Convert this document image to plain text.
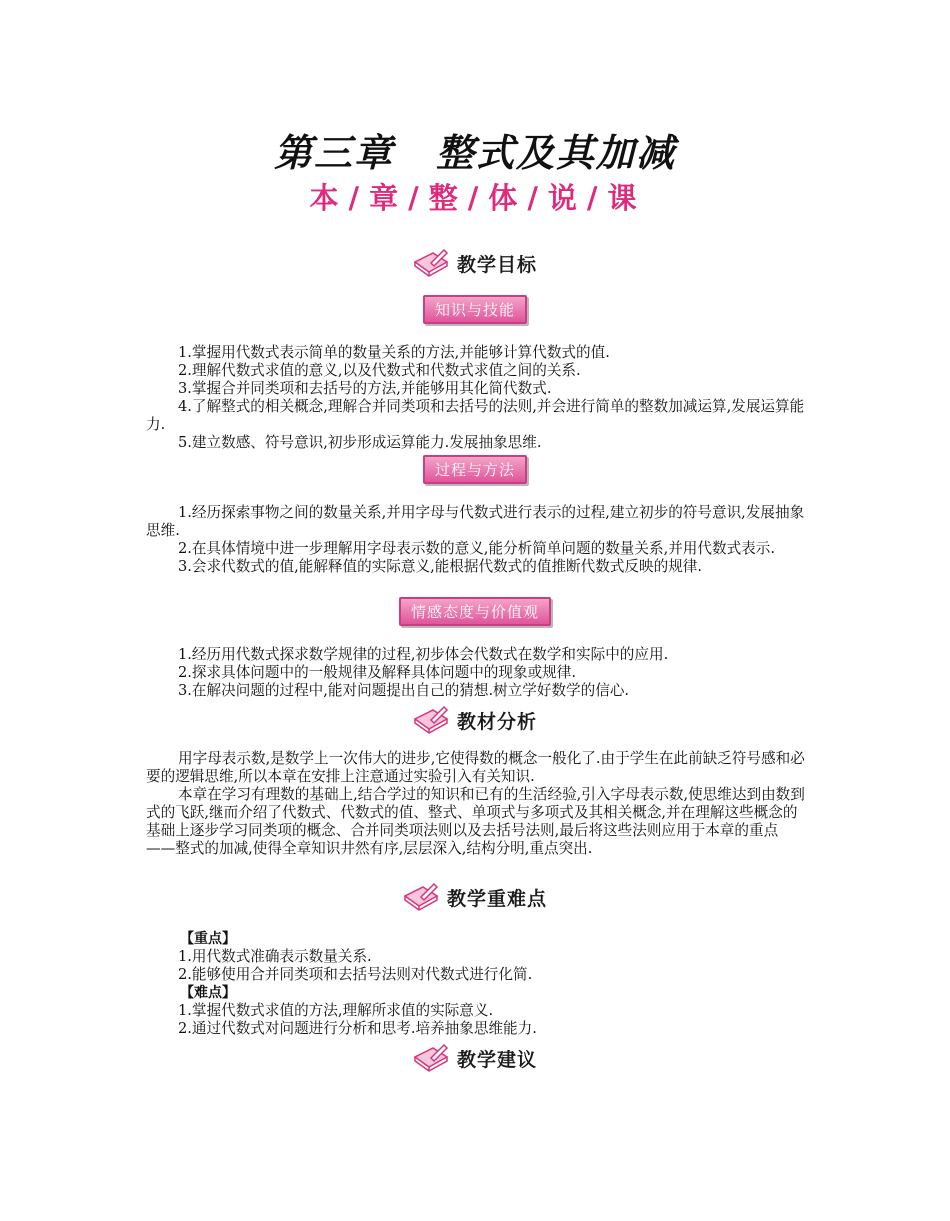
第三章 整式及其加减
本 / 章 / 整 / 体 / 说 / 课
教学目标
知识与技能

1.掌握用代数式表示简单的数量关系的方法,并能够计算代数式的值.

2.理解代数式求值的意义,以及代数式和代数式求值之间的关系.

3.掌握合并同类项和去括号的方法,并能够用其化简代数式.

4.了解整式的相关概念,理解合并同类项和去括号的法则,并会进行简单的整数加减运算,发展运算能力.

5.建立数感、符号意识,初步形成运算能力.发展抽象思维.

过程与方法

1.经历探索事物之间的数量关系,并用字母与代数式进行表示的过程,建立初步的符号意识,发展抽象思维.

2.在具体情境中进一步理解用字母表示数的意义,能分析简单问题的数量关系,并用代数式表示.

3.会求代数式的值,能解释值的实际意义,能根据代数式的值推断代数式反映的规律.

情感态度与价值观

1.经历用代数式探求数学规律的过程,初步体会代数式在数学和实际中的应用.

2.探求具体问题中的一般规律及解释具体问题中的现象或规律.

3.在解决问题的过程中,能对问题提出自己的猜想.树立学好数学的信心.

教材分析

用字母表示数,是数学上一次伟大的进步,它使得数的概念一般化了.由于学生在此前缺乏符号感和必要的逻辑思维,所以本章在安排上注意通过实验引入有关知识.

本章在学习有理数的基础上,结合学过的知识和已有的生活经验,引入字母表示数,使思维达到由数到式的飞跃,继而介绍了代数式、代数式的值、整式、单项式与多项式及其相关概念,并在理解这些概念的基础上逐步学习同类项的概念、合并同类项法则以及去括号法则,最后将这些法则应用于本章的重点——整式的加减,使得全章知识井然有序,层层深入,结构分明,重点突出.

教学重难点

【重点】

1.用代数式准确表示数量关系.

2.能够使用合并同类项和去括号法则对代数式进行化简.

【难点】

1.掌握代数式求值的方法,理解所求值的实际意义.

2.通过代数式对问题进行分析和思考.培养抽象思维能力.

教学建议
